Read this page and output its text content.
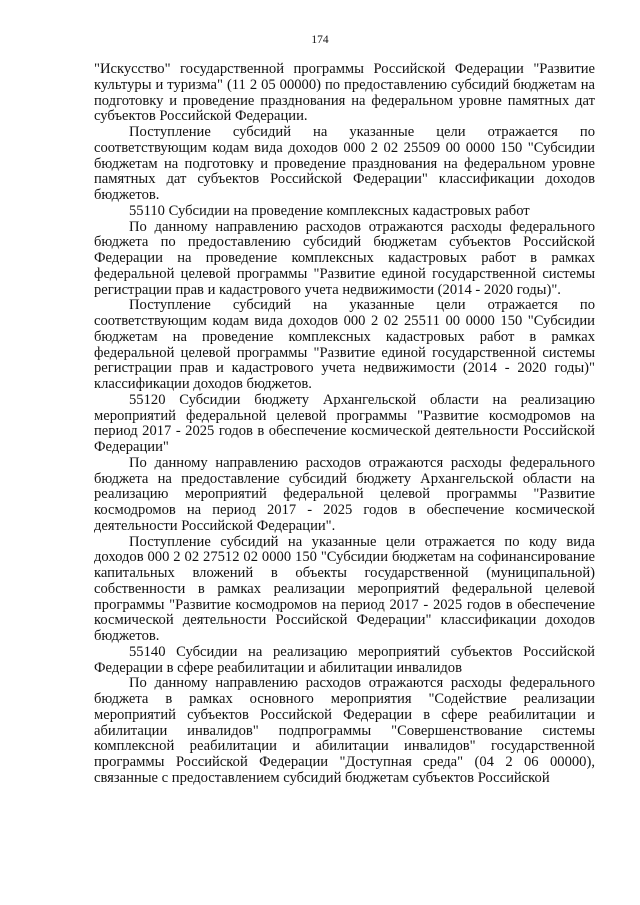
174

"Искусство" государственной программы Российской Федерации "Развитие культуры и туризма" (11 2 05 00000) по предоставлению субсидий бюджетам на подготовку и проведение празднования на федеральном уровне памятных дат субъектов Российской Федерации.

Поступление субсидий на указанные цели отражается по соответствующим кодам вида доходов 000 2 02 25509 00 0000 150 "Субсидии бюджетам на подготовку и проведение празднования на федеральном уровне памятных дат субъектов Российской Федерации" классификации доходов бюджетов.

55110 Субсидии на проведение комплексных кадастровых работ

По данному направлению расходов отражаются расходы федерального бюджета по предоставлению субсидий бюджетам субъектов Российской Федерации на проведение комплексных кадастровых работ в рамках федеральной целевой программы "Развитие единой государственной системы регистрации прав и кадастрового учета недвижимости (2014 - 2020 годы)".

Поступление субсидий на указанные цели отражается по соответствующим кодам вида доходов 000 2 02 25511 00 0000 150 "Субсидии бюджетам на проведение комплексных кадастровых работ в рамках федеральной целевой программы "Развитие единой государственной системы регистрации прав и кадастрового учета недвижимости (2014 - 2020 годы)" классификации доходов бюджетов.

55120 Субсидии бюджету Архангельской области на реализацию мероприятий федеральной целевой программы "Развитие космодромов на период 2017 - 2025 годов в обеспечение космической деятельности Российской Федерации"

По данному направлению расходов отражаются расходы федерального бюджета на предоставление субсидий бюджету Архангельской области на реализацию мероприятий федеральной целевой программы "Развитие космодромов на период 2017 - 2025 годов в обеспечение космической деятельности Российской Федерации".

Поступление субсидий на указанные цели отражается по коду вида доходов 000 2 02 27512 02 0000 150 "Субсидии бюджетам на софинансирование капитальных вложений в объекты государственной (муниципальной) собственности в рамках реализации мероприятий федеральной целевой программы "Развитие космодромов на период 2017 - 2025 годов в обеспечение космической деятельности Российской Федерации" классификации доходов бюджетов.

55140 Субсидии на реализацию мероприятий субъектов Российской Федерации в сфере реабилитации и абилитации инвалидов

По данному направлению расходов отражаются расходы федерального бюджета в рамках основного мероприятия "Содействие реализации мероприятий субъектов Российской Федерации в сфере реабилитации и абилитации инвалидов" подпрограммы "Совершенствование системы комплексной реабилитации и абилитации инвалидов" государственной программы Российской Федерации "Доступная среда" (04 2 06 00000), связанные с предоставлением субсидий бюджетам субъектов Российской
